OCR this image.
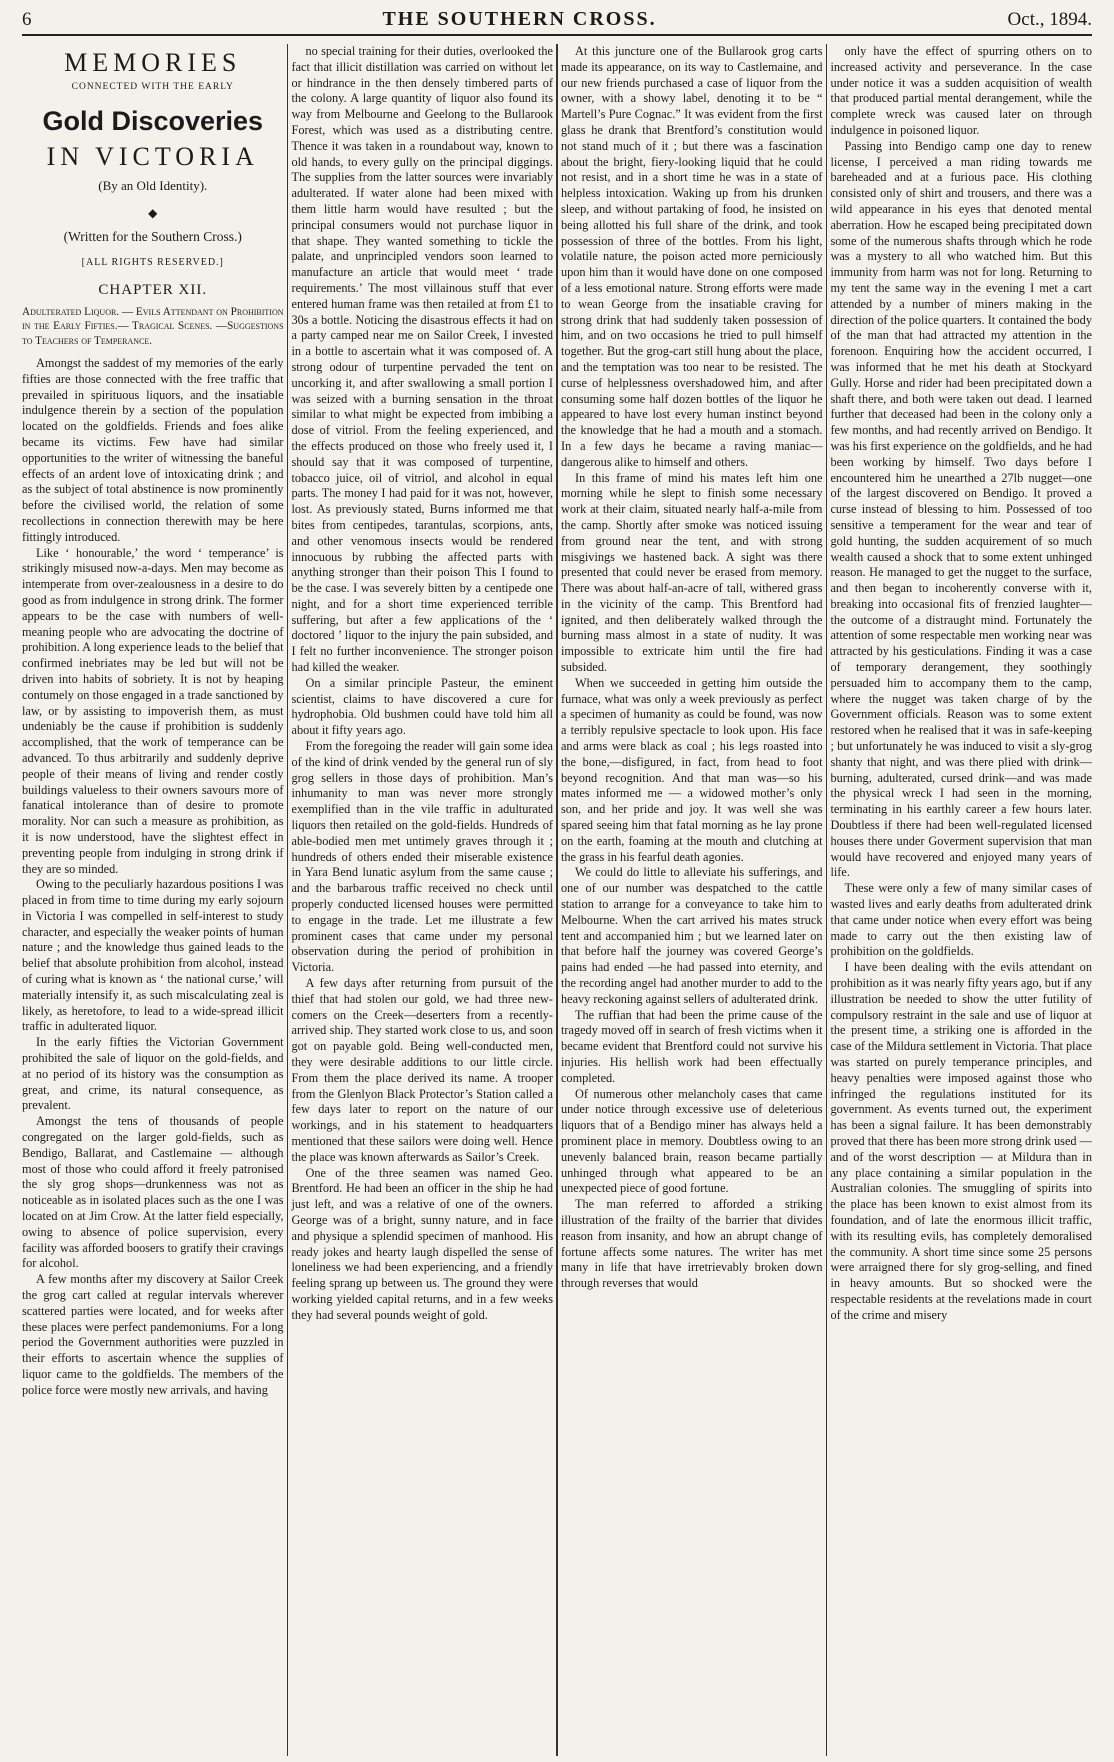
6	THE SOUTHERN CROSS.	Oct., 1894.
MEMORIES
CONNECTED WITH THE EARLY
Gold Discoveries
IN VICTORIA
(By an Old Identity).
◆
(Written for the Southern Cross.)
[ALL RIGHTS RESERVED.]
CHAPTER XII.
Adulterated Liquor. — Evils Attendant on Prohibition in the Early Fifties.— Tragical Scenes. —Suggestions to Teachers of Temperance.

Amongst the saddest of my memories of the early fifties are those connected with the free traffic that prevailed in spirituous liquors, and the insatiable indulgence therein by a section of the population located on the goldfields. Friends and foes alike became its victims. Few have had similar opportunities to the writer of witnessing the baneful effects of an ardent love of intoxicating drink ; and as the subject of total abstinence is now prominently before the civilised world, the relation of some recollections in connection therewith may be here fittingly introduced.

Like ‘ honourable,’ the word ‘ temperance’ is strikingly misused now-a-days. Men may become as intemperate from over-zealousness in a desire to do good as from indulgence in strong drink. The former appears to be the case with numbers of well-meaning people who are advocating the doctrine of prohibition. A long experience leads to the belief that confirmed inebriates may be led but will not be driven into habits of sobriety. It is not by heaping contumely on those engaged in a trade sanctioned by law, or by assisting to impoverish them, as must undeniably be the cause if prohibition is suddenly accomplished, that the work of temperance can be advanced. To thus arbitrarily and suddenly deprive people of their means of living and render costly buildings valueless to their owners savours more of fanatical intolerance than of desire to promote morality. Nor can such a measure as prohibition, as it is now understood, have the slightest effect in preventing people from indulging in strong drink if they are so minded.

Owing to the peculiarly hazardous positions I was placed in from time to time during my early sojourn in Victoria I was compelled in self-interest to study character, and especially the weaker points of human nature ; and the knowledge thus gained leads to the belief that absolute prohibition from alcohol, instead of curing what is known as ‘ the national curse,’ will materially intensify it, as such miscalculating zeal is likely, as heretofore, to lead to a wide-spread illicit traffic in adulterated liquor.

In the early fifties the Victorian Government prohibited the sale of liquor on the gold-fields, and at no period of its history was the consumption as great, and crime, its natural consequence, as prevalent.

Amongst the tens of thousands of people congregated on the larger gold-fields, such as Bendigo, Ballarat, and Castlemaine — although most of those who could afford it freely patronised the sly grog shops—drunkenness was not as noticeable as in isolated places such as the one I was located on at Jim Crow. At the latter field especially, owing to absence of police supervision, every facility was afforded boosers to gratify their cravings for alcohol.

A few months after my discovery at Sailor Creek the grog cart called at regular intervals wherever scattered parties were located, and for weeks after these places were perfect pandemoniums. For a long period the Government authorities were puzzled in their efforts to ascertain whence the supplies of liquor came to the goldfields. The members of the police force were mostly new arrivals, and having

no special training for their duties, overlooked the fact that illicit distillation was carried on without let or hindrance in the then densely timbered parts of the colony. A large quantity of liquor also found its way from Melbourne and Geelong to the Bullarook Forest, which was used as a distributing centre. Thence it was taken in a roundabout way, known to old hands, to every gully on the principal diggings. The supplies from the latter sources were invariably adulterated. If water alone had been mixed with them little harm would have resulted ; but the principal consumers would not purchase liquor in that shape. They wanted something to tickle the palate, and unprincipled vendors soon learned to manufacture an article that would meet ‘ trade requirements.’ The most villainous stuff that ever entered human frame was then retailed at from £1 to 30s a bottle. Noticing the disastrous effects it had on a party camped near me on Sailor Creek, I invested in a bottle to ascertain what it was composed of. A strong odour of turpentine pervaded the tent on uncorking it, and after swallowing a small portion I was seized with a burning sensation in the throat similar to what might be expected from imbibing a dose of vitriol. From the feeling experienced, and the effects produced on those who freely used it, I should say that it was composed of turpentine, tobacco juice, oil of vitriol, and alcohol in equal parts. The money I had paid for it was not, however, lost. As previously stated, Burns informed me that bites from centipedes, tarantulas, scorpions, ants, and other venomous insects would be rendered innocuous by rubbing the affected parts with anything stronger than their poison This I found to be the case. I was severely bitten by a centipede one night, and for a short time experienced terrible suffering, but after a few applications of the ‘ doctored ’ liquor to the injury the pain subsided, and I felt no further inconvenience. The stronger poison had killed the weaker.

On a similar principle Pasteur, the eminent scientist, claims to have discovered a cure for hydrophobia. Old bushmen could have told him all about it fifty years ago.

From the foregoing the reader will gain some idea of the kind of drink vended by the general run of sly grog sellers in those days of prohibition. Man’s inhumanity to man was never more strongly exemplified than in the vile traffic in adulturated liquors then retailed on the gold-fields. Hundreds of able-bodied men met untimely graves through it ; hundreds of others ended their miserable existence in Yara Bend lunatic asylum from the same cause ; and the barbarous traffic received no check until properly conducted licensed houses were permitted to engage in the trade. Let me illustrate a few prominent cases that came under my personal observation during the period of prohibition in Victoria.

A few days after returning from pursuit of the thief that had stolen our gold, we had three new-comers on the Creek—deserters from a recently-arrived ship. They started work close to us, and soon got on payable gold. Being well-conducted men, they were desirable additions to our little circle. From them the place derived its name. A trooper from the Glenlyon Black Protector’s Station called a few days later to report on the nature of our workings, and in his statement to headquarters mentioned that these sailors were doing well. Hence the place was known afterwards as Sailor’s Creek.

One of the three seamen was named Geo. Brentford. He had been an officer in the ship he had just left, and was a relative of one of the owners. George was of a bright, sunny nature, and in face and physique a splendid specimen of manhood. His ready jokes and hearty laugh dispelled the sense of loneliness we had been experiencing, and a friendly feeling sprang up between us. The ground they were working yielded capital returns, and in a few weeks they had several pounds weight of gold.

At this juncture one of the Bullarook grog carts made its appearance, on its way to Castlemaine, and our new friends purchased a case of liquor from the owner, with a showy label, denoting it to be “ Martell’s Pure Cognac.” It was evident from the first glass he drank that Brentford’s constitution would not stand much of it ; but there was a fascination about the bright, fiery-looking liquid that he could not resist, and in a short time he was in a state of helpless intoxication. Waking up from his drunken sleep, and without partaking of food, he insisted on being allotted his full share of the drink, and took possession of three of the bottles. From his light, volatile nature, the poison acted more perniciously upon him than it would have done on one composed of a less emotional nature. Strong efforts were made to wean George from the insatiable craving for strong drink that had suddenly taken possession of him, and on two occasions he tried to pull himself together. But the grog-cart still hung about the place, and the temptation was too near to be resisted. The curse of helplessness overshadowed him, and after consuming some half dozen bottles of the liquor he appeared to have lost every human instinct beyond the knowledge that he had a mouth and a stomach. In a few days he became a raving maniac—dangerous alike to himself and others.

In this frame of mind his mates left him one morning while he slept to finish some necessary work at their claim, situated nearly half-a-mile from the camp. Shortly after smoke was noticed issuing from ground near the tent, and with strong misgivings we hastened back. A sight was there presented that could never be erased from memory. There was about half-an-acre of tall, withered grass in the vicinity of the camp. This Brentford had ignited, and then deliberately walked through the burning mass almost in a state of nudity. It was impossible to extricate him until the fire had subsided.

When we succeeded in getting him outside the furnace, what was only a week previously as perfect a specimen of humanity as could be found, was now a terribly repulsive spectacle to look upon. His face and arms were black as coal ; his legs roasted into the bone,—disfigured, in fact, from head to foot beyond recognition. And that man was—so his mates informed me — a widowed mother’s only son, and her pride and joy. It was well she was spared seeing him that fatal morning as he lay prone on the earth, foaming at the mouth and clutching at the grass in his fearful death agonies.

We could do little to alleviate his sufferings, and one of our number was despatched to the cattle station to arrange for a conveyance to take him to Melbourne. When the cart arrived his mates struck tent and accompanied him ; but we learned later on that before half the journey was covered George’s pains had ended —he had passed into eternity, and the recording angel had another murder to add to the heavy reckoning against sellers of adulterated drink.

The ruffian that had been the prime cause of the tragedy moved off in search of fresh victims when it became evident that Brentford could not survive his injuries. His hellish work had been effectually completed.

Of numerous other melancholy cases that came under notice through excessive use of deleterious liquors that of a Bendigo miner has always held a prominent place in memory. Doubtless owing to an unevenly balanced brain, reason became partially unhinged through what appeared to be an unexpected piece of good fortune.

The man referred to afforded a striking illustration of the frailty of the barrier that divides reason from insanity, and how an abrupt change of fortune affects some natures. The writer has met many in life that have irretrievably broken down through reverses that would

only have the effect of spurring others on to increased activity and perseverance. In the case under notice it was a sudden acquisition of wealth that produced partial mental derangement, while the complete wreck was caused later on through indulgence in poisoned liquor.

Passing into Bendigo camp one day to renew license, I perceived a man riding towards me bareheaded and at a furious pace. His clothing consisted only of shirt and trousers, and there was a wild appearance in his eyes that denoted mental aberration. How he escaped being precipitated down some of the numerous shafts through which he rode was a mystery to all who watched him. But this immunity from harm was not for long. Returning to my tent the same way in the evening I met a cart attended by a number of miners making in the direction of the police quarters. It contained the body of the man that had attracted my attention in the forenoon. Enquiring how the accident occurred, I was informed that he met his death at Stockyard Gully. Horse and rider had been precipitated down a shaft there, and both were taken out dead. I learned further that deceased had been in the colony only a few months, and had recently arrived on Bendigo. It was his first experience on the goldfields, and he had been working by himself. Two days before I encountered him he unearthed a 27lb nugget—one of the largest discovered on Bendigo. It proved a curse instead of blessing to him. Possessed of too sensitive a temperament for the wear and tear of gold hunting, the sudden acquirement of so much wealth caused a shock that to some extent unhinged reason. He managed to get the nugget to the surface, and then began to incoherently converse with it, breaking into occasional fits of frenzied laughter—the outcome of a distraught mind. Fortunately the attention of some respectable men working near was attracted by his gesticulations. Finding it was a case of temporary derangement, they soothingly persuaded him to accompany them to the camp, where the nugget was taken charge of by the Government officials. Reason was to some extent restored when he realised that it was in safe-keeping ; but unfortunately he was induced to visit a sly-grog shanty that night, and was there plied with drink—burning, adulterated, cursed drink—and was made the physical wreck I had seen in the morning, terminating in his earthly career a few hours later. Doubtless if there had been well-regulated licensed houses there under Goverment supervision that man would have recovered and enjoyed many years of life.

These were only a few of many similar cases of wasted lives and early deaths from adulterated drink that came under notice when every effort was being made to carry out the then existing law of prohibition on the goldfields.

I have been dealing with the evils attendant on prohibition as it was nearly fifty years ago, but if any illustration be needed to show the utter futility of compulsory restraint in the sale and use of liquor at the present time, a striking one is afforded in the case of the Mildura settlement in Victoria. That place was started on purely temperance principles, and heavy penalties were imposed against those who infringed the regulations instituted for its government. As events turned out, the experiment has been a signal failure. It has been demonstrably proved that there has been more strong drink used — and of the worst description — at Mildura than in any place containing a similar population in the Australian colonies. The smuggling of spirits into the place has been known to exist almost from its foundation, and of late the enormous illicit traffic, with its resulting evils, has completely demoralised the community. A short time since some 25 persons were arraigned there for sly grog-selling, and fined in heavy amounts. But so shocked were the respectable residents at the revelations made in court of the crime and misery
